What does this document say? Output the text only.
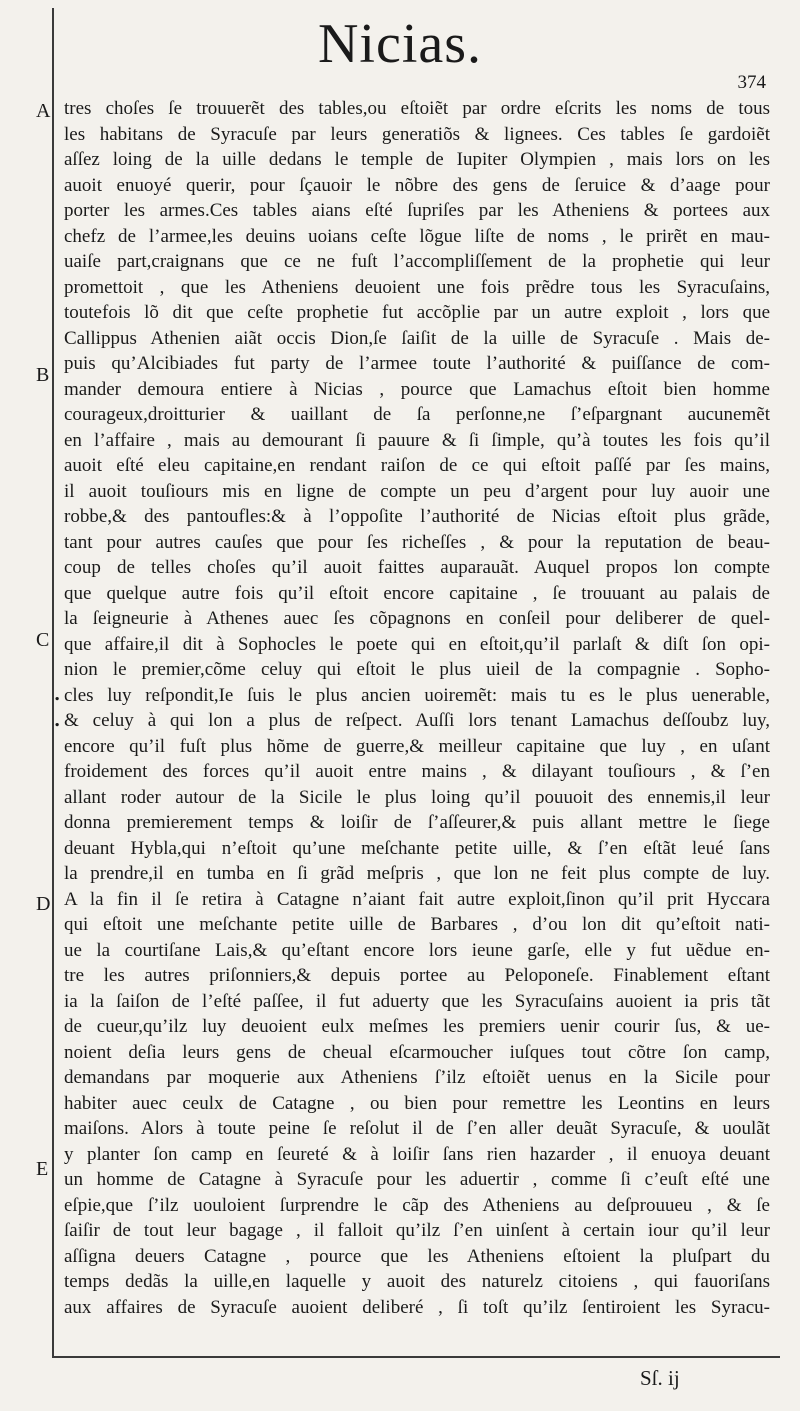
Nicias.
374
A
B
C
.
.
D
E
tres choſes ſe trouuerẽt des tables,ou eſtoiẽt par ordre eſcrits les noms de tous
les habitans de Syracuſe par leurs generatiõs & lignees. Ces tables ſe gardoiẽt
aſſez loing de la uille dedans le temple de Iupiter Olympien , mais lors on les
auoit enuoyé querir, pour ſçauoir le nõbre des gens de ſeruice & d’aage pour
porter les armes.Ces tables aians eſté ſupriſes par les Atheniens & portees aux
chefz de l’armee,les deuins uoians ceſte lõgue liſte de noms , le prirẽt en mau-
uaiſe part,craignans que ce ne fuſt l’accompliſſement de la prophetie qui leur
promettoit , que les Atheniens deuoient une fois prẽdre tous les Syracuſains,
toutefois lõ dit que ceſte prophetie fut accõplie par un autre exploit , lors que
Callippus Athenien aiãt occis Dion,ſe ſaiſit de la uille de Syracuſe . Mais de-
puis qu’Alcibiades fut party de l’armee toute l’authorité & puiſſance de com-
mander demoura entiere à Nicias , pource que Lamachus eſtoit bien homme
courageux,droitturier & uaillant de ſa perſonne,ne ſ’eſpargnant aucunemẽt
en l’affaire , mais au demourant ſi pauure & ſi ſimple, qu’à toutes les fois qu’il
auoit eſté eleu capitaine,en rendant raiſon de ce qui eſtoit paſſé par ſes mains,
il auoit touſiours mis en ligne de compte un peu d’argent pour luy auoir une
robbe,& des pantoufles:& à l’oppoſite l’authorité de Nicias eſtoit plus grãde,
tant pour autres cauſes que pour ſes richeſſes , & pour la reputation de beau-
coup de telles choſes qu’il auoit faittes auparauãt. Auquel propos lon compte
que quelque autre fois qu’il eſtoit encore capitaine , ſe trouuant au palais de
la ſeigneurie à Athenes auec ſes cõpagnons en conſeil pour deliberer de quel-
que affaire,il dit à Sophocles le poete qui en eſtoit,qu’il parlaſt & diſt ſon opi-
nion le premier,cõme celuy qui eſtoit le plus uieil de la compagnie . Sopho-
cles luy reſpondit,Ie ſuis le plus ancien uoiremẽt: mais tu es le plus uenerable,
& celuy à qui lon a plus de reſpect. Auſſi lors tenant Lamachus deſſoubz luy,
encore qu’il fuſt plus hõme de guerre,& meilleur capitaine que luy , en uſant
froidement des forces qu’il auoit entre mains , & dilayant touſiours , & ſ’en
allant roder autour de la Sicile le plus loing qu’il pouuoit des ennemis,il leur
donna premierement temps & loiſir de ſ’aſſeurer,& puis allant mettre le ſiege
deuant Hybla,qui n’eſtoit qu’une meſchante petite uille, & ſ’en eſtãt leué ſans
la prendre,il en tumba en ſi grãd meſpris , que lon ne feit plus compte de luy.
A la fin il ſe retira à Catagne n’aiant fait autre exploit,ſinon qu’il prit Hyccara
qui eſtoit une meſchante petite uille de Barbares , d’ou lon dit qu’eſtoit nati-
ue la courtiſane Lais,& qu’eſtant encore lors ieune garſe, elle y fut uẽdue en-
tre les autres priſonniers,& depuis portee au Peloponeſe. Finablement eſtant
ia la ſaiſon de l’eſté paſſee, il fut aduerty que les Syracuſains auoient ia pris tãt
de cueur,qu’ilz luy deuoient eulx meſmes les premiers uenir courir ſus, & ue-
noient deſia leurs gens de cheual eſcarmoucher iuſques tout cõtre ſon camp,
demandans par moquerie aux Atheniens ſ’ilz eſtoiẽt uenus en la Sicile pour
habiter auec ceulx de Catagne , ou bien pour remettre les Leontins en leurs
maiſons. Alors à toute peine ſe reſolut il de ſ’en aller deuãt Syracuſe, & uoulãt
y planter ſon camp en ſeureté & à loiſir ſans rien hazarder , il enuoya deuant
un homme de Catagne à Syracuſe pour les aduertir , comme ſi c’euſt eſté une
eſpie,que ſ’ilz uouloient ſurprendre le cãp des Atheniens au deſprouueu , & ſe
ſaiſir de tout leur bagage , il falloit qu’ilz ſ’en uinſent à certain iour qu’il leur
aſſigna deuers Catagne , pource que les Atheniens eſtoient la pluſpart du
temps dedãs la uille,en laquelle y auoit des naturelz citoiens , qui fauoriſans
aux affaires de Syracuſe auoient deliberé , ſi toſt qu’ilz ſentiroient les Syracu-
Sſ. ij
